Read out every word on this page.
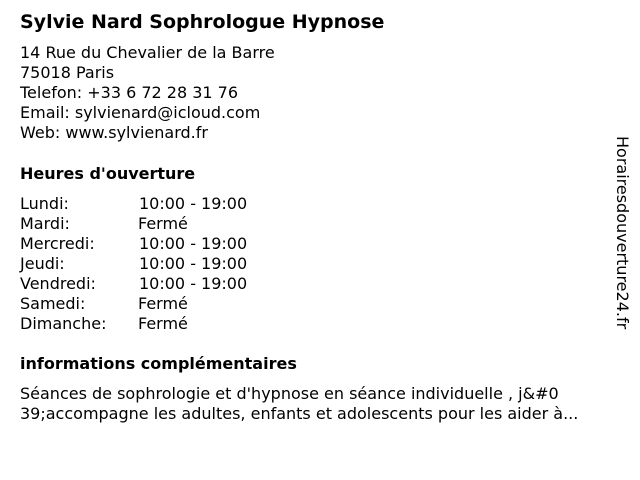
Sylvie Nard Sophrologue Hypnose
14 Rue du Chevalier de la Barre
75018 Paris
Telefon: +33 6 72 28 31 76
Email: sylvienard@icloud.com
Web: www.sylvienard.fr
Heures d'ouverture
Lundi:	10:00 - 19:00
Mardi:	Fermé
Mercredi:	10:00 - 19:00
Jeudi:	10:00 - 19:00
Vendredi:	10:00 - 19:00
Samedi:	Fermé
Dimanche: Fermé
informations complémentaires
Séances de sophrologie et d'hypnose en séance individuelle , j&#0
39;accompagne les adultes, enfants et adolescents pour les aider à...
Horairesdouverture24.fr
